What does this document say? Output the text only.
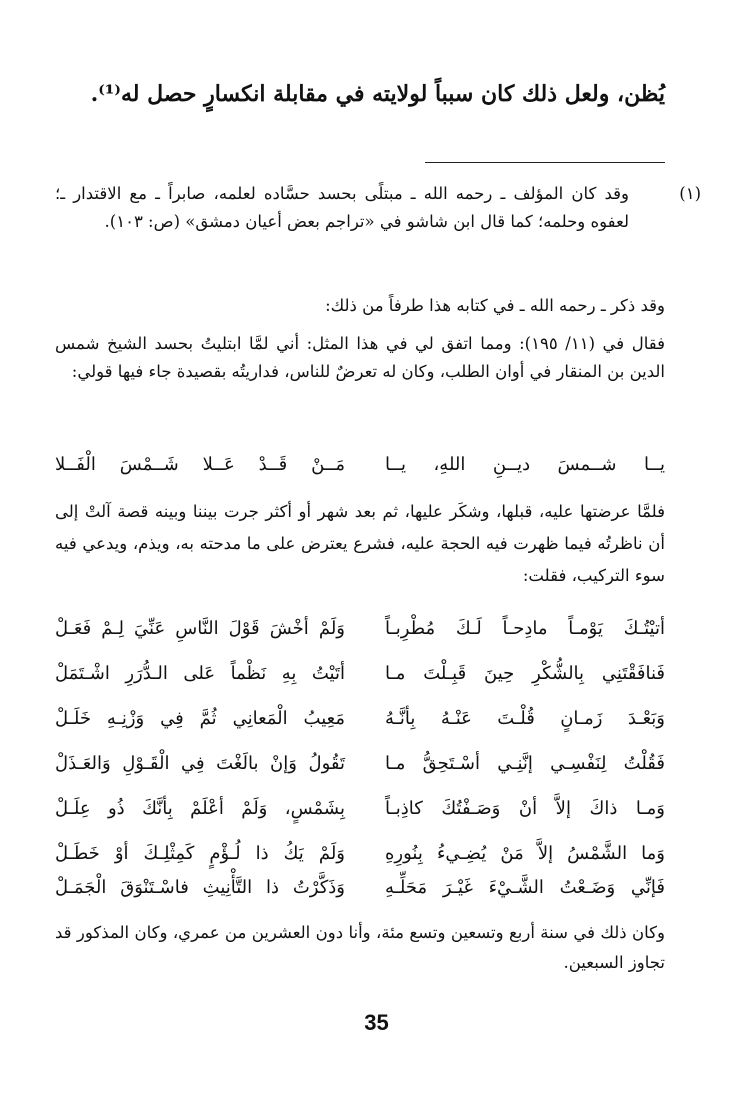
يُظن، ولعل ذلك كان سبباً لولايته في مقابلة انكسارٍ حصل له⁽¹⁾.

(١)وقد كان المؤلف ـ رحمه الله ـ مبتلًى بحسد حسَّاده لعلمه، صابراً ـ مع الاقتدار ـ؛ لعفوه وحلمه؛ كما قال ابن شاشو في «تراجم بعض أعيان دمشق» (ص: ١٠٣).

وقد ذكر ـ رحمه الله ـ في كتابه هذا طرفاً من ذلك:

فقال في (١١/ ١٩٥): ومما اتفق لي في هذا المثل: أني لمَّا ابتليتُ بحسد الشيخ شمس الدين بن المنقار في أوان الطلب، وكان له تعرضٌ للناس، فداريتُه بقصيدة جاء فيها قولي:

يــا شــمسَ ديــنِ اللهِ، يــا
مَــنْ قَــدْ عَــلا شَــمْسَ الْفَــلا

فلمَّا عرضتها عليه، قبلها، وشكَر عليها، ثم بعد شهر أو أكثر جرت بيننا وبينه قصة آلتْ إلى أن ناظرتُه فيما ظهرت فيه الحجة عليه، فشرع يعترض على ما مدحته به، ويذم، ويدعي فيه سوء التركيب، فقلت:

أتيْتُـكَ يَوْمـاً مادِحـاً لَـكَ مُطْرِبـاً
وَلَمْ أخْشَ قَوْلَ النَّاسِ عَنِّيَ لِـمْ فَعَـلْ
فَنافَقْتَنِي بِالشُّكْرِ حِينَ قَبِـلْتَ مـا
أتَيْتُ بِهِ نَظْماً عَلى الـدُّرَرِ اشْـتَمَلْ
وَبَعْـدَ زَمـانٍ قُلْـتَ عَنْـهُ بِأنَّـهُ
مَعِيبُ الْمَعانِي ثُمَّ فِي وَزْنِـهِ خَلَـلْ
فَقُلْتُ لِنَفْسِـي إنَّنِـي أسْـتَحِقُّ مـا
تَقُولُ وَإنْ بالَغْتَ فِي الْقَـوْلِ وَالعَـذَلْ
وَمـا ذاكَ إلاَّ أنْ وَصَـفْتُكَ كاذِبـاً
بِشَمْسٍ، وَلَمْ أعْلَمْ بِأنَّكَ ذُو عِلَـلْ
وَما الشَّمْسُ إلاَّ مَنْ يُضِـيءُ بِنُورِهِ
وَلَمْ يَكُ ذا لُـؤْمٍ كَمِثْلِـكَ أوْ خَطَـلْ
فَإنِّي وَضَـعْتُ الشَّـيْءَ غَيْـرَ مَحَلِّـهِ
وَذَكَّرْتُ ذا التَّأْنِيثِ فاسْـتَنْوَقَ الْجَمَـلْ

وكان ذلك في سنة أربع وتسعين وتسع مئة، وأنا دون العشرين من عمري، وكان المذكور قد تجاوز السبعين.

35
